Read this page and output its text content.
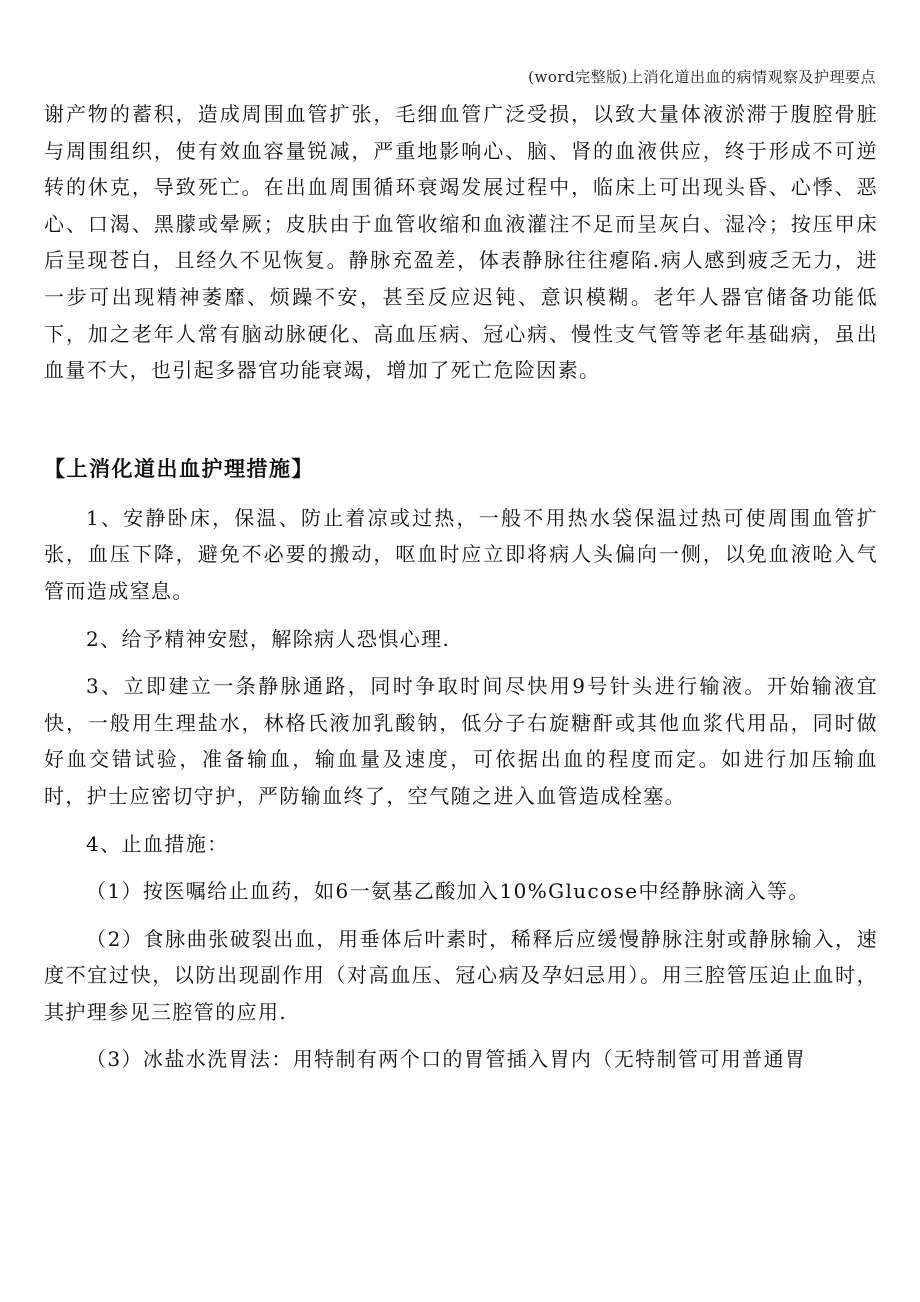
(word完整版)上消化道出血的病情观察及护理要点

谢产物的蓄积，造成周围血管扩张，毛细血管广泛受损，以致大量体液淤滞于腹腔骨脏与周围组织，使有效血容量锐减，严重地影响心、脑、肾的血液供应，终于形成不可逆转的休克，导致死亡。在出血周围循环衰竭发展过程中，临床上可出现头昏、心悸、恶心、口渴、黑朦或晕厥；皮肤由于血管收缩和血液灌注不足而呈灰白、湿冷；按压甲床后呈现苍白，且经久不见恢复。静脉充盈差，体表静脉往往瘪陷.病人感到疲乏无力，进一步可出现精神萎靡、烦躁不安，甚至反应迟钝、意识模糊。老年人器官储备功能低下，加之老年人常有脑动脉硬化、高血压病、冠心病、慢性支气管等老年基础病，虽出血量不大，也引起多器官功能衰竭，增加了死亡危险因素。

【上消化道出血护理措施】

1、安静卧床，保温、防止着凉或过热，一般不用热水袋保温过热可使周围血管扩张，血压下降，避免不必要的搬动，呕血时应立即将病人头偏向一侧，以免血液呛入气管而造成窒息。

2、给予精神安慰，解除病人恐惧心理.

3、立即建立一条静脉通路，同时争取时间尽快用9号针头进行输液。开始输液宜快，一般用生理盐水，林格氏液加乳酸钠，低分子右旋糖酐或其他血浆代用品，同时做好血交错试验，准备输血，输血量及速度，可依据出血的程度而定。如进行加压输血时，护士应密切守护，严防输血终了，空气随之进入血管造成栓塞。

4、止血措施：

（1）按医嘱给止血药，如6一氨基乙酸加入10%Glucose中经静脉滴入等。

（2）食脉曲张破裂出血，用垂体后叶素时，稀释后应缓慢静脉注射或静脉输入，速度不宜过快，以防出现副作用（对高血压、冠心病及孕妇忌用）。用三腔管压迫止血时，其护理参见三腔管的应用.

（3）冰盐水洗胃法：用特制有两个口的胃管插入胃内（无特制管可用普通胃
